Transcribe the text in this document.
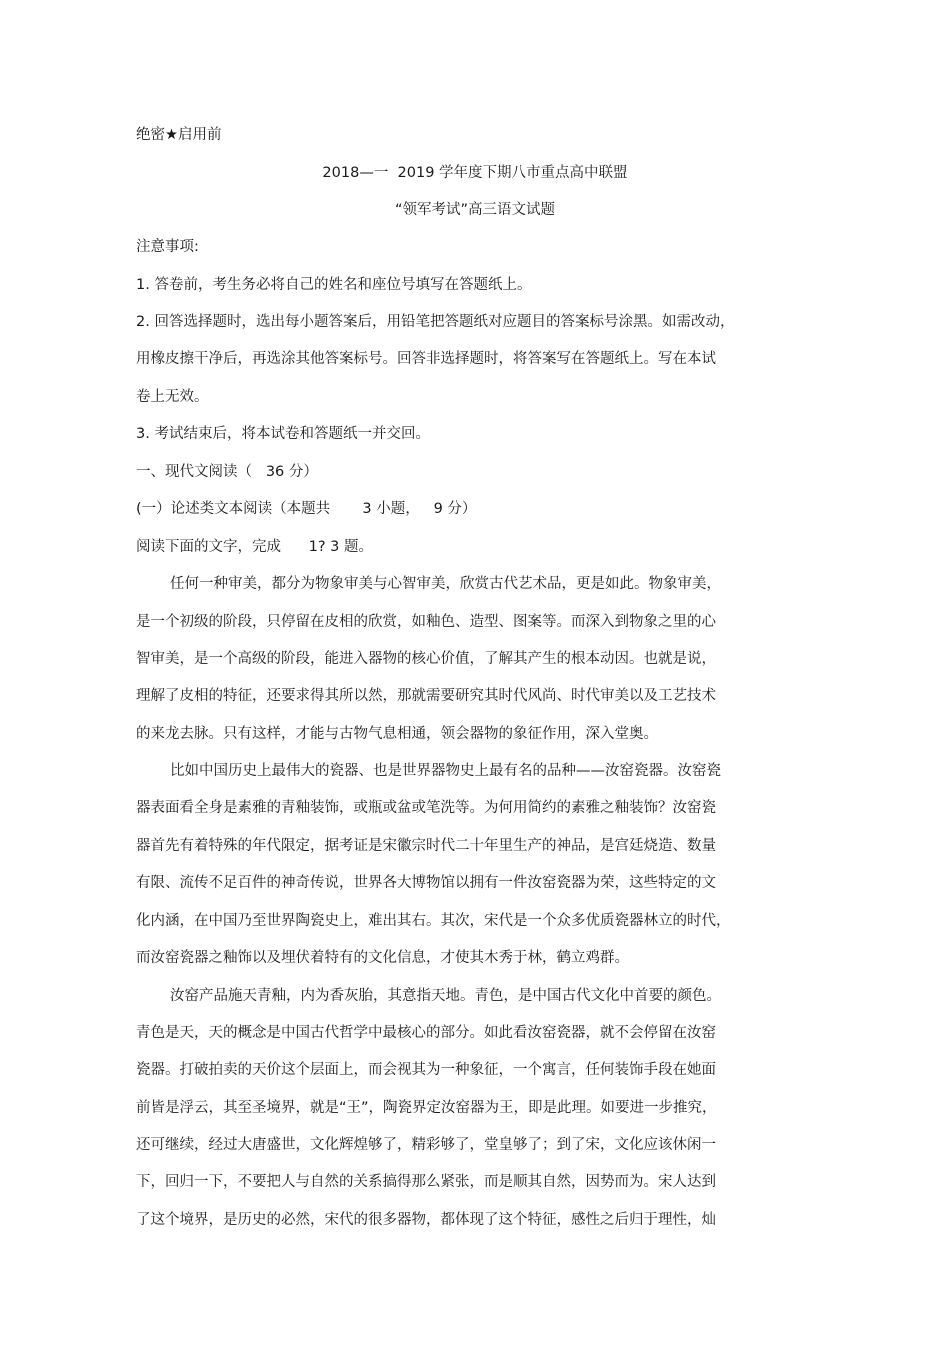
绝密★启用前
2018—一  2019 学年度下期八市重点高中联盟
“领军考试”高三语文试题
注意事项:
1. 答卷前，考生务必将自己的姓名和座位号填写在答题纸上。
2. 回答选择题时，选出每小题答案后，用铅笔把答题纸对应题目的答案标号涂黑。如需改动，
用橡皮擦干净后，再选涂其他答案标号。回答非选择题时，将答案写在答题纸上。写在本试
卷上无效。
3. 考试结束后，将本试卷和答题纸一并交回。
一、现代文阅读（   36 分）
(一）论述类文本阅读（本题共       3 小题，   9 分）
阅读下面的文字，完成      1? 3 题。
任何一种审美，都分为物象审美与心智审美，欣赏古代艺术品，更是如此。物象审美，
是一个初级的阶段，只停留在皮相的欣赏，如釉色、造型、图案等。而深入到物象之里的心
智审美，是一个高级的阶段，能进入器物的核心价值，了解其产生的根本动因。也就是说，
理解了皮相的特征，还要求得其所以然，那就需要研究其时代风尚、时代审美以及工艺技术
的来龙去脉。只有这样，才能与古物气息相通，领会器物的象征作用，深入堂奥。
比如中国历史上最伟大的瓷器、也是世界器物史上最有名的品种——汝窑瓷器。汝窑瓷
器表面看全身是素雅的青釉装饰，或瓶或盆或笔洗等。为何用简约的素雅之釉装饰？汝窑瓷
器首先有着特殊的年代限定，据考证是宋徽宗时代二十年里生产的神品，是宫廷烧造、数量
有限、流传不足百件的神奇传说，世界各大博物馆以拥有一件汝窑瓷器为荣，这些特定的文
化内涵，在中国乃至世界陶瓷史上，难出其右。其次，宋代是一个众多优质瓷器林立的时代，
而汝窑瓷器之釉饰以及埋伏着特有的文化信息，才使其木秀于林，鹤立鸡群。
汝窑产品施天青釉，内为香灰胎，其意指天地。青色，是中国古代文化中首要的颜色。
青色是天，天的概念是中国古代哲学中最核心的部分。如此看汝窑瓷器，就不会停留在汝窑
瓷器。打破拍卖的天价这个层面上，而会视其为一种象征，一个寓言，任何装饰手段在她面
前皆是浮云，其至圣境界，就是“王”，陶瓷界定汝窑器为王，即是此理。如要进一步推究，
还可继续，经过大唐盛世，文化辉煌够了，精彩够了，堂皇够了；到了宋，文化应该休闲一
下，回归一下，不要把人与自然的关系搞得那么紧张，而是顺其自然，因势而为。宋人达到
了这个境界，是历史的必然，宋代的很多器物，都体现了这个特征，感性之后归于理性，灿
